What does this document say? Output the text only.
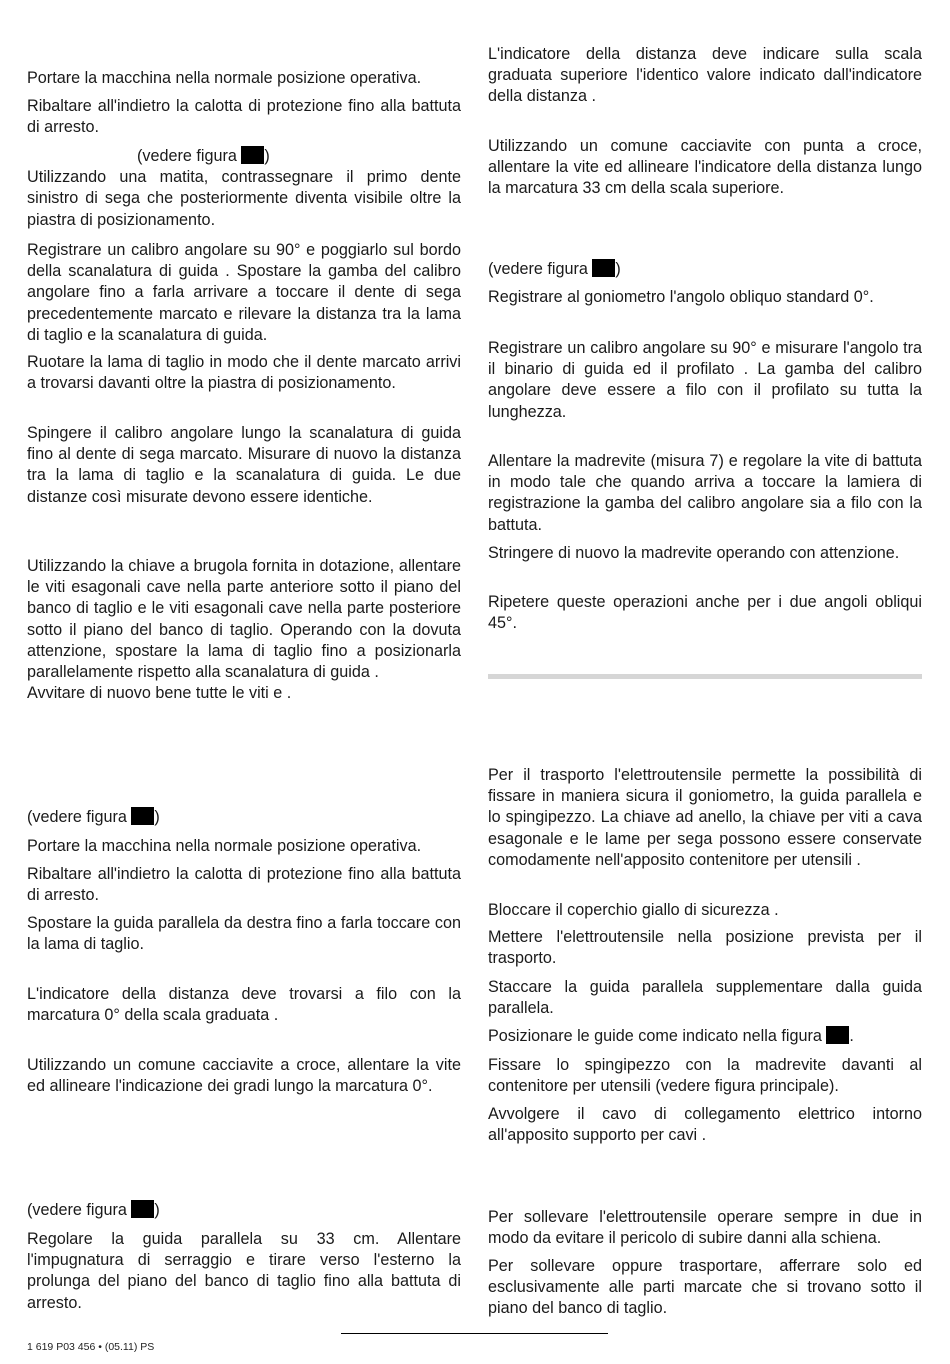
Portare la macchina nella normale posizione operativa.

Ribaltare all'indietro la calotta di protezione fino alla battuta di arresto.

(vedere figura )
Utilizzando una matita, contrassegnare il primo dente sinistro di sega che posteriormente diventa visibile oltre la piastra di posizionamento.

Registrare un calibro angolare su 90° e poggiarlo sul bordo della scanalatura di guida . Spostare la gamba del calibro angolare fino a farla arrivare a toccare il dente di sega precedentemente marcato e rilevare la distanza tra la lama di taglio e la scanalatura di guida.

Ruotare la lama di taglio in modo che il dente marcato arrivi a trovarsi davanti oltre la piastra di posizionamento.

Spingere il calibro angolare lungo la scanalatura di guida fino al dente di sega marcato. Misurare di nuovo la distanza tra la lama di taglio e la scanalatura di guida. Le due distanze così misurate devono essere identiche.

Utilizzando la chiave a brugola fornita in dotazione, allentare le viti esagonali cave nella parte anteriore sotto il piano del banco di taglio e le viti esagonali cave nella parte posteriore sotto il piano del banco di taglio. Operando con la dovuta attenzione, spostare la lama di taglio fino a posizionarla parallelamente rispetto alla scanalatura di guida .
Avvitare di nuovo bene tutte le viti e .

(vedere figura )

Portare la macchina nella normale posizione operativa.

Ribaltare all'indietro la calotta di protezione fino alla battuta di arresto.

Spostare la guida parallela da destra fino a farla toccare con la lama di taglio.

L'indicatore della distanza deve trovarsi a filo con la marcatura 0° della scala graduata .

Utilizzando un comune cacciavite a croce, allentare la vite ed allineare l'indicazione dei gradi lungo la marcatura 0°.

(vedere figura )

Regolare la guida parallela su 33 cm. Allentare l'impugnatura di serraggio e tirare verso l'esterno la prolunga del piano del banco di taglio fino alla battuta di arresto.

L'indicatore della distanza deve indicare sulla scala graduata superiore l'identico valore indicato dall'indicatore della distanza .

Utilizzando un comune cacciavite con punta a croce, allentare la vite ed allineare l'indicatore della distanza lungo la marcatura 33 cm della scala superiore.

(vedere figura )

Registrare al goniometro l'angolo obliquo standard 0°.

Registrare un calibro angolare su 90° e misurare l'angolo tra il binario di guida ed il profilato . La gamba del calibro angolare deve essere a filo con il profilato su tutta la lunghezza.

Allentare la madrevite (misura 7) e regolare la vite di battuta in modo tale che quando arriva a toccare la lamiera di registrazione la gamba del calibro angolare sia a filo con la battuta.

Stringere di nuovo la madrevite operando con attenzione.

Ripetere queste operazioni anche per i due angoli obliqui 45°.

Per il trasporto l'elettroutensile permette la possibilità di fissare in maniera sicura il goniometro, la guida parallela e lo spingipezzo. La chiave ad anello, la chiave per viti a cava esagonale e le lame per sega possono essere conservate comodamente nell'apposito contenitore per utensili .

Bloccare il coperchio giallo di sicurezza .

Mettere l'elettroutensile nella posizione prevista per il trasporto.

Staccare la guida parallela supplementare dalla guida parallela.

Posizionare le guide come indicato nella figura .

Fissare lo spingipezzo con la madrevite davanti al contenitore per utensili (vedere figura principale).

Avvolgere il cavo di collegamento elettrico intorno all'apposito supporto per cavi .

Per sollevare l'elettroutensile operare sempre in due in modo da evitare il pericolo di subire danni alla schiena.

Per sollevare oppure trasportare, afferrare solo ed esclusivamente alle parti marcate che si trovano sotto il piano del banco di taglio.

1 619 P03 456 • (05.11) PS
